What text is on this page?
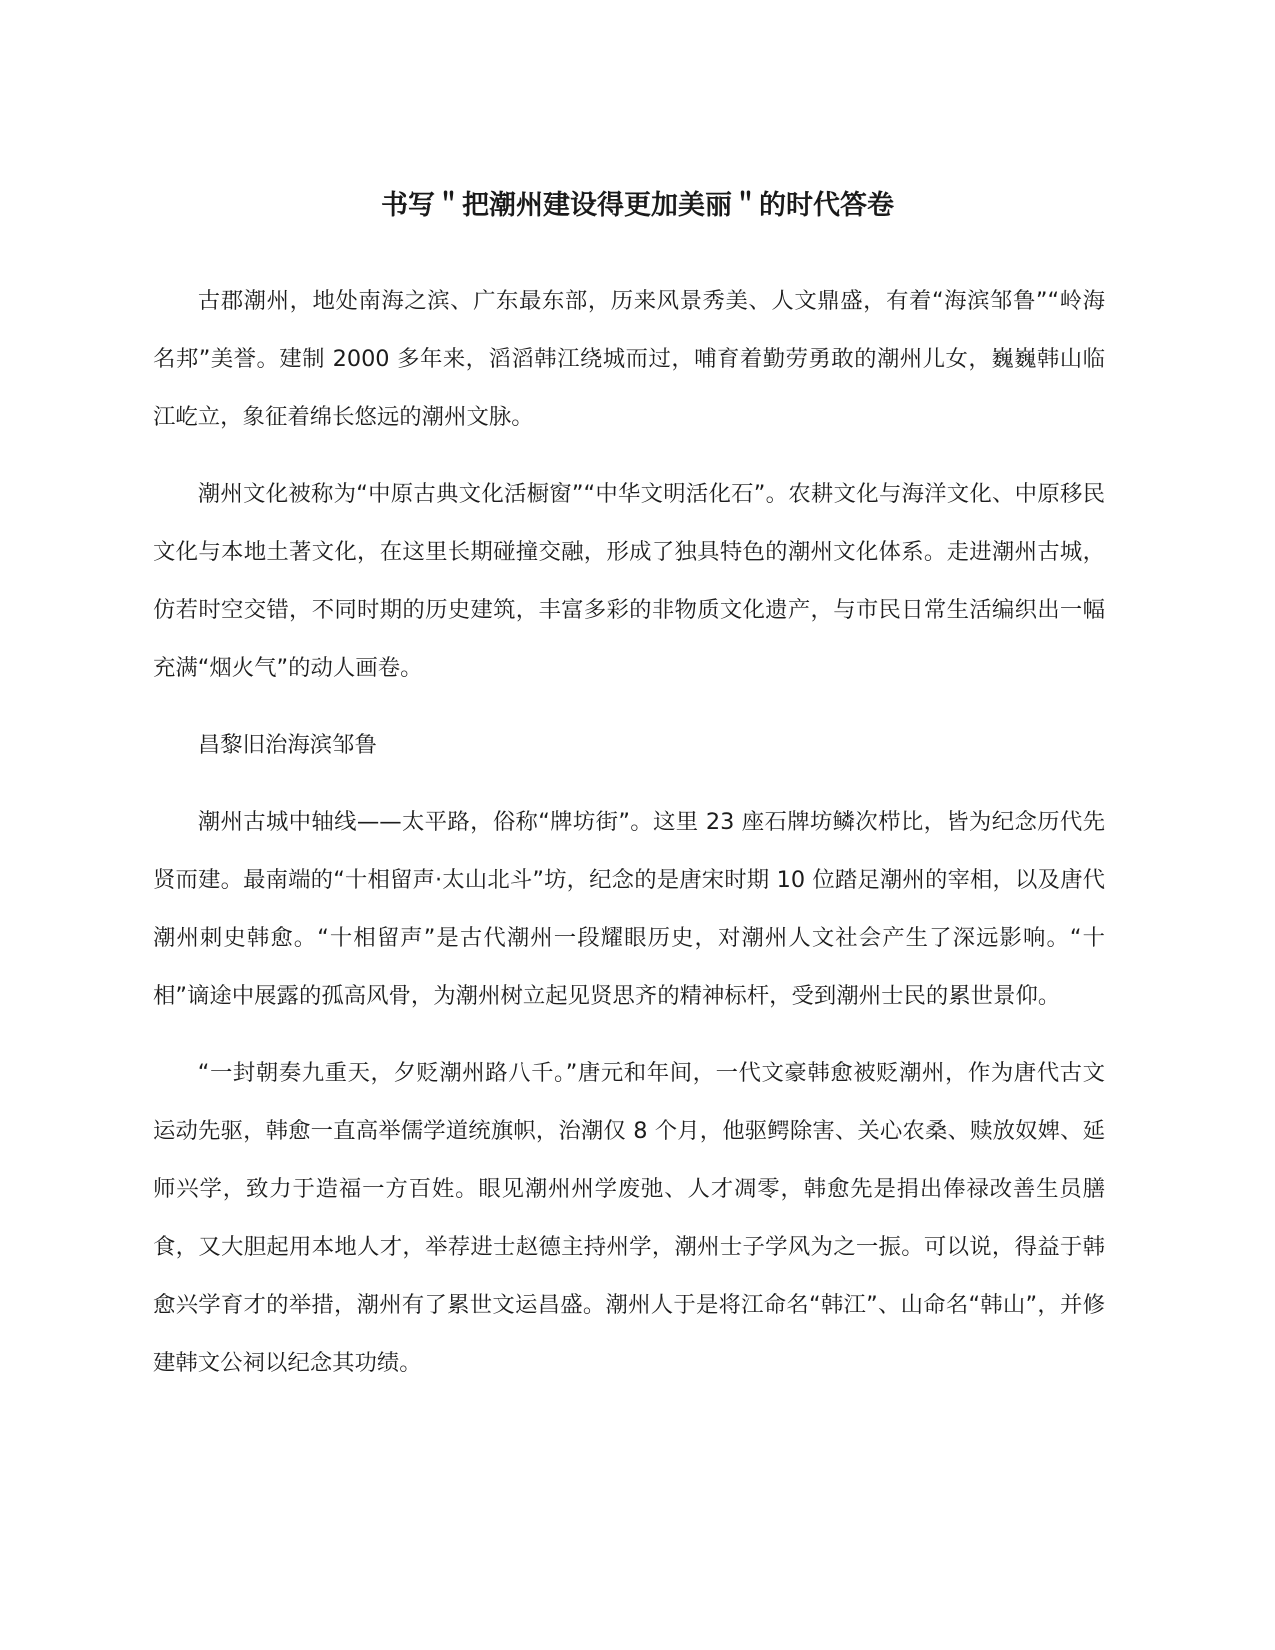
书写＂把潮州建设得更加美丽＂的时代答卷

古郡潮州，地处南海之滨、广东最东部，历来风景秀美、人文鼎盛，有着“海滨邹鲁”“岭海名邦”美誉。建制 2000 多年来，滔滔韩江绕城而过，哺育着勤劳勇敢的潮州儿女，巍巍韩山临江屹立，象征着绵长悠远的潮州文脉。

潮州文化被称为“中原古典文化活橱窗”“中华文明活化石”。农耕文化与海洋文化、中原移民文化与本地土著文化，在这里长期碰撞交融，形成了独具特色的潮州文化体系。走进潮州古城，仿若时空交错，不同时期的历史建筑，丰富多彩的非物质文化遗产，与市民日常生活编织出一幅充满“烟火气”的动人画卷。

昌黎旧治海滨邹鲁

潮州古城中轴线——太平路，俗称“牌坊街”。这里 23 座石牌坊鳞次栉比，皆为纪念历代先贤而建。最南端的“十相留声·太山北斗”坊，纪念的是唐宋时期 10 位踏足潮州的宰相，以及唐代潮州刺史韩愈。“十相留声”是古代潮州一段耀眼历史，对潮州人文社会产生了深远影响。“十相”谪途中展露的孤高风骨，为潮州树立起见贤思齐的精神标杆，受到潮州士民的累世景仰。

“一封朝奏九重天，夕贬潮州路八千。”唐元和年间，一代文豪韩愈被贬潮州，作为唐代古文运动先驱，韩愈一直高举儒学道统旗帜，治潮仅 8 个月，他驱鳄除害、关心农桑、赎放奴婢、延师兴学，致力于造福一方百姓。眼见潮州州学废弛、人才凋零，韩愈先是捐出俸禄改善生员膳食，又大胆起用本地人才，举荐进士赵德主持州学，潮州士子学风为之一振。可以说，得益于韩愈兴学育才的举措，潮州有了累世文运昌盛。潮州人于是将江命名“韩江”、山命名“韩山”，并修建韩文公祠以纪念其功绩。
